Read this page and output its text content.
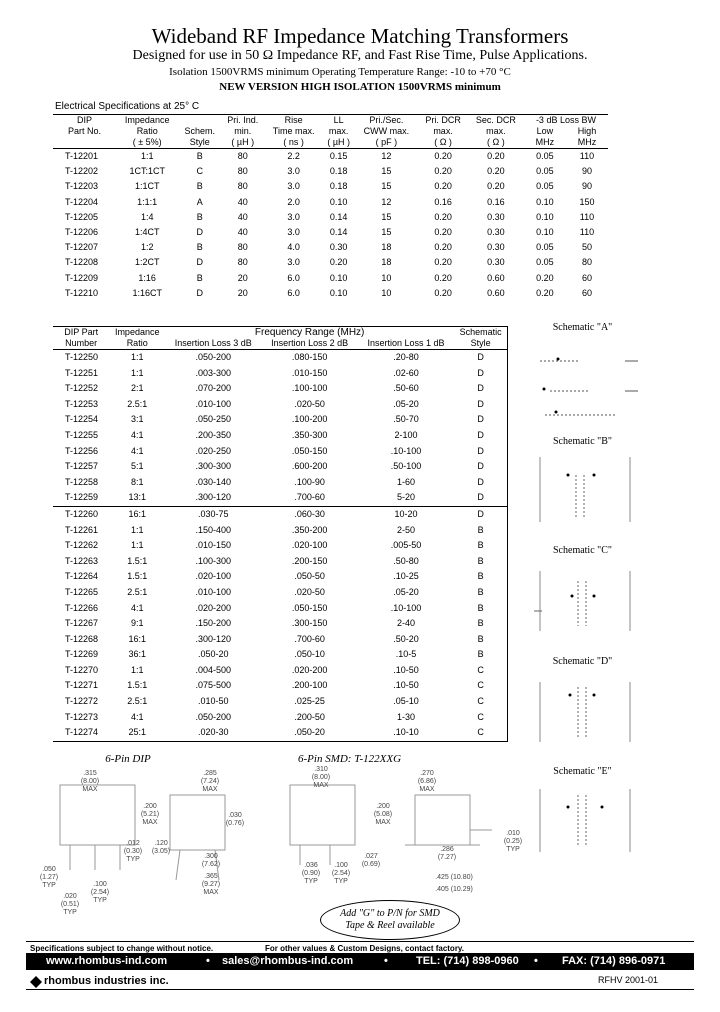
Wideband RF Impedance Matching Transformers
Designed for use in 50 Ω Impedance RF, and Fast Rise Time, Pulse Applications.
Isolation 1500VRMS minimum Operating Temperature Range: -10 to +70 °C
NEW VERSION HIGH ISOLATION 1500VRMS minimum
Electrical Specifications at 25° C
DIP	Impedance		Pri. Ind.	Rise	LL	Pri./Sec.	Pri. DCR	Sec. DCR	-3 dB Loss BW	
Part No.	Ratio	Schem.	min.	Time max.	max.	CWW max.	max.	max.	Low	High
	( ± 5%)	Style	( µH )	( ns )	( µH )	( pF )	( Ω )	( Ω )	MHz	MHz
T-12201	1:1	B	80	2.2	0.15	12	0.20	0.20	0.05	110
T-12202	1CT:1CT	C	80	3.0	0.18	15	0.20	0.20	0.05	90
T-12203	1:1CT	B	80	3.0	0.18	15	0.20	0.20	0.05	90
T-12204	1:1:1	A	40	2.0	0.10	12	0.16	0.16	0.10	150
T-12205	1:4	B	40	3.0	0.14	15	0.20	0.30	0.10	110
T-12206	1:4CT	D	40	3.0	0.14	15	0.20	0.30	0.10	110
T-12207	1:2	B	80	4.0	0.30	18	0.20	0.30	0.05	50
T-12208	1:2CT	D	80	3.0	0.20	18	0.20	0.30	0.05	80
T-12209	1:16	B	20	6.0	0.10	10	0.20	0.60	0.20	60
T-12210	1:16CT	D	20	6.0	0.10	10	0.20	0.60	0.20	60
DIP Part	Impedance	Frequency Range (MHz)			Schematic
Number	Ratio	Insertion Loss 3 dB	Insertion Loss 2 dB	Insertion Loss 1 dB	Style
T-12250	1:1	.050-200	.080-150	.20-80	D
T-12251	1:1	.003-300	.010-150	.02-60	D
T-12252	2:1	.070-200	.100-100	.50-60	D
T-12253	2.5:1	.010-100	.020-50	.05-20	D
T-12254	3:1	.050-250	.100-200	.50-70	D
T-12255	4:1	.200-350	.350-300	2-100	D
T-12256	4:1	.020-250	.050-150	.10-100	D
T-12257	5:1	.300-300	.600-200	.50-100	D
T-12258	8:1	.030-140	.100-90	1-60	D
T-12259	13:1	.300-120	.700-60	5-20	D
T-12260	16:1	.030-75	.060-30	10-20	D
T-12261	1:1	.150-400	.350-200	2-50	B
T-12262	1:1	.010-150	.020-100	.005-50	B
T-12263	1.5:1	.100-300	.200-150	.50-80	B
T-12264	1.5:1	.020-100	.050-50	.10-25	B
T-12265	2.5:1	.010-100	.020-50	.05-20	B
T-12266	4:1	.020-200	.050-150	.10-100	B
T-12267	9:1	.150-200	.300-150	2-40	B
T-12268	16:1	.300-120	.700-60	.50-20	B
T-12269	36:1	.050-20	.050-10	.10-5	B
T-12270	1:1	.004-500	.020-200	.10-50	C
T-12271	1.5:1	.075-500	.200-100	.10-50	C
T-12272	2.5:1	.010-50	.025-25	.05-10	C
T-12273	4:1	.050-200	.200-50	1-30	C
T-12274	25:1	.020-30	.050-20	.10-10	C
Schematic "A"
Schematic "B"
Schematic "C"
Schematic "D"
Schematic "E"
6-Pin DIP	6-Pin SMD: T-122XXG
.315 (8.00) MAX
.285 (7.24) MAX
.200 (5.21) MAX
.012 (0.30) TYP
.120 (3.05)
.030 (0.76)
.300 (7.62)
.365 (9.27) MAX
.050 (1.27) TYP	.100 (2.54) TYP
.020 (0.51) TYP
.310 (8.00) MAX
.270 (6.86) MAX
.200 (5.08) MAX
.027 (0.69)
.036 (0.90) TYP
.100 (2.54) TYP
.286 (7.27)
.425 (10.80)
.405 (10.29)
.010 (0.25) TYP
Add "G" to P/N for SMD
Tape & Reel available
Specifications subject to change without notice.	For other values & Custom Designs, contact factory.
www.rhombus-ind.com	• sales@rhombus-ind.com	•	TEL: (714) 898-0960 • FAX: (714) 896-0971
rhombus industries inc.	RFHV 2001-01
